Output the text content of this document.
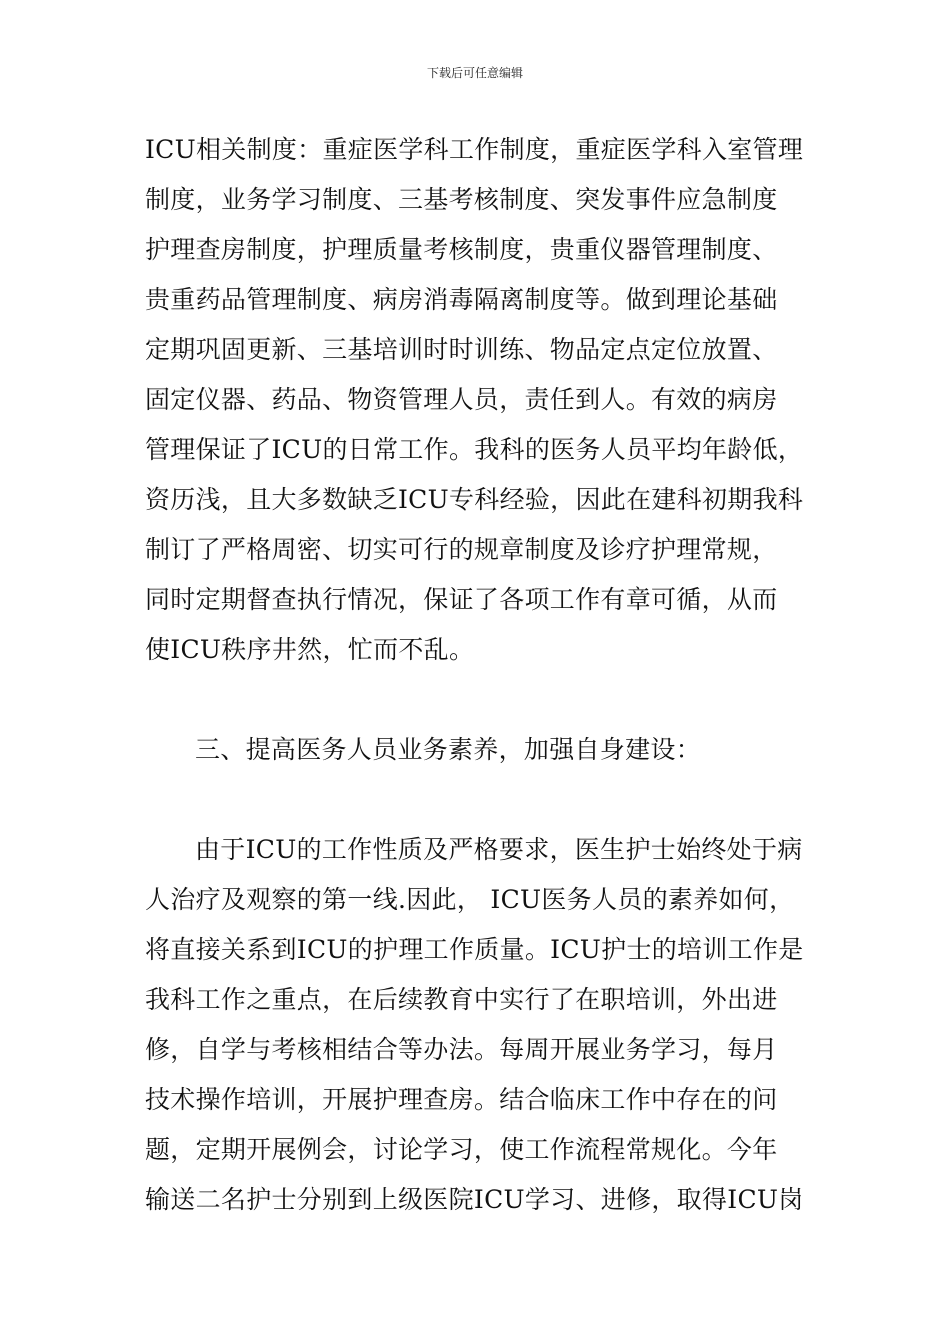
下载后可任意编辑
ICU相关制度：重症医学科工作制度，重症医学科入室管理
制度，业务学习制度、三基考核制度、突发事件应急制度
护理查房制度，护理质量考核制度，贵重仪器管理制度、
贵重药品管理制度、病房消毒隔离制度等。做到理论基础
定期巩固更新、三基培训时时训练、物品定点定位放置、
固定仪器、药品、物资管理人员，责任到人。有效的病房
管理保证了ICU的日常工作。我科的医务人员平均年龄低，
资历浅，且大多数缺乏ICU专科经验，因此在建科初期我科
制订了严格周密、切实可行的规章制度及诊疗护理常规，
同时定期督查执行情况，保证了各项工作有章可循，从而
使ICU秩序井然，忙而不乱。
三、提高医务人员业务素养，加强自身建设：
由于ICU的工作性质及严格要求，医生护士始终处于病
人治疗及观察的第一线.因此， ICU医务人员的素养如何，
将直接关系到ICU的护理工作质量。ICU护士的培训工作是
我科工作之重点，在后续教育中实行了在职培训，外出进
修，自学与考核相结合等办法。每周开展业务学习，每月
技术操作培训，开展护理查房。结合临床工作中存在的问
题，定期开展例会，讨论学习，使工作流程常规化。今年
输送二名护士分别到上级医院ICU学习、进修，取得ICU岗
